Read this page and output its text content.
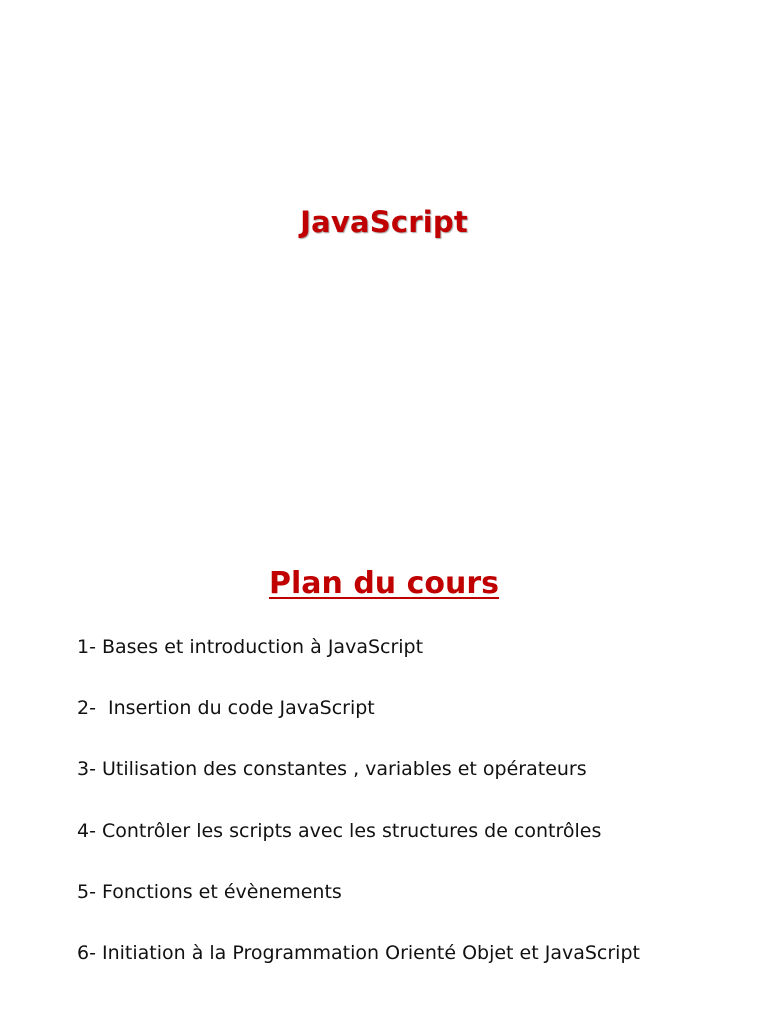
JavaScript
Plan du cours
1- Bases et introduction à JavaScript
2-  Insertion du code JavaScript
3- Utilisation des constantes , variables et opérateurs
4- Contrôler les scripts avec les structures de contrôles
5- Fonctions et évènements
6- Initiation à la Programmation Orienté Objet et JavaScript
